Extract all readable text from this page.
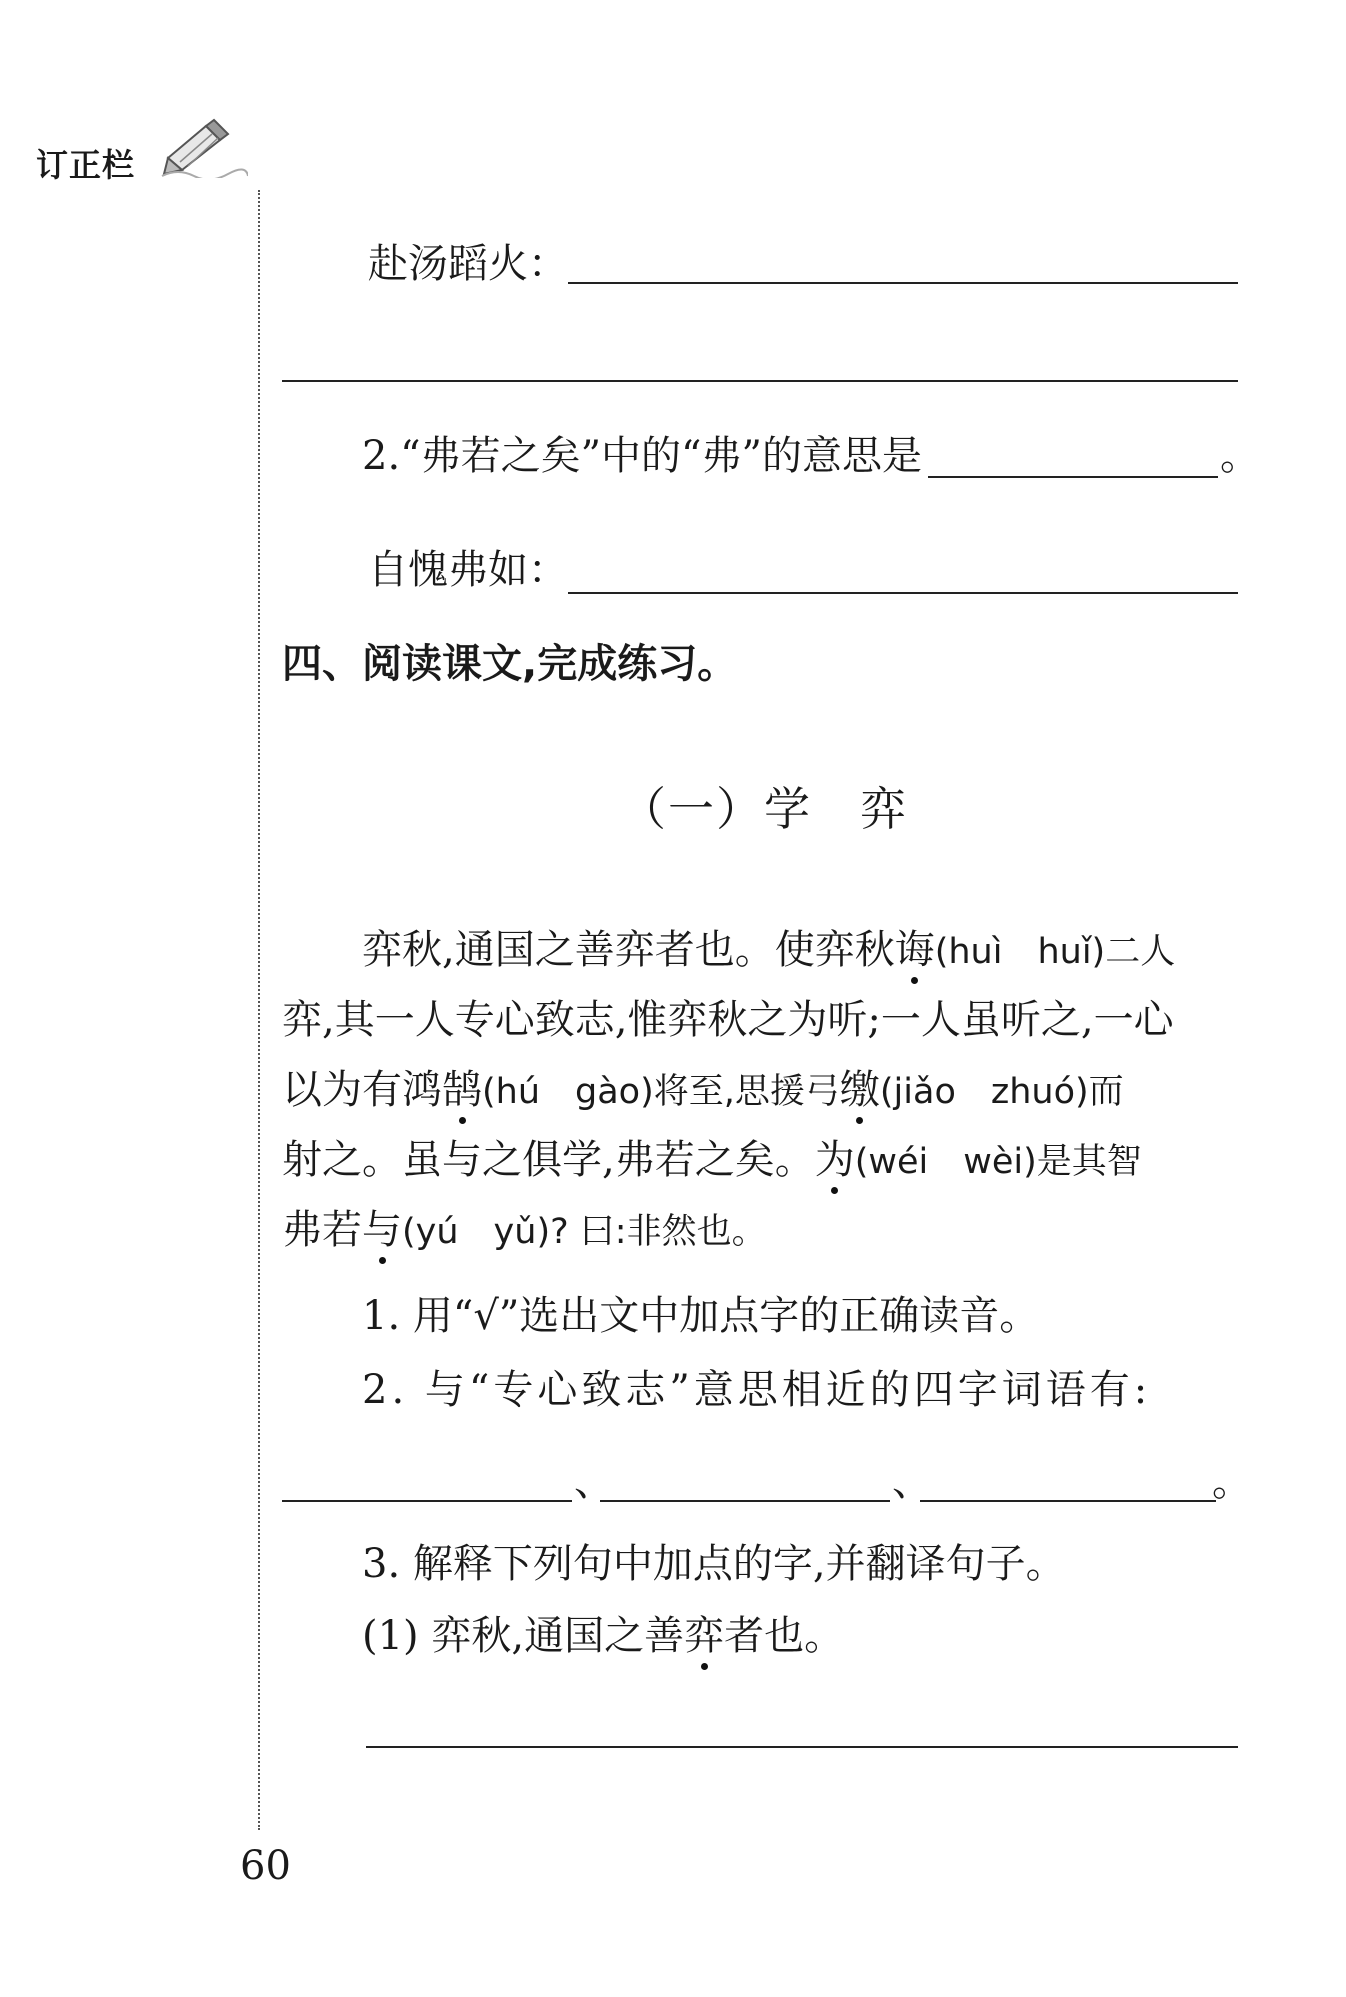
订正栏
赴汤蹈火：
2.“弗若之矣”中的“弗”的意思是	。
自愧弗如：
四、阅读课文,完成练习。
（一）学　弈
弈秋,通国之善弈者也。使弈秋诲(huì　huǐ)二人
弈,其一人专心致志,惟弈秋之为听;一人虽听之,一心
以为有鸿鹄(hú　gào)将至,思援弓缴(jiǎo　zhuó)而
射之。虽与之俱学,弗若之矣。为(wéi　wèi)是其智
弗若与(yú　yǔ)? 曰:非然也。
1. 用“√”选出文中加点字的正确读音。
2. 与“专心致志”意思相近的四字词语有:
、	、	。
3. 解释下列句中加点的字,并翻译句子。
(1) 弈秋,通国之善弈者也。
60
